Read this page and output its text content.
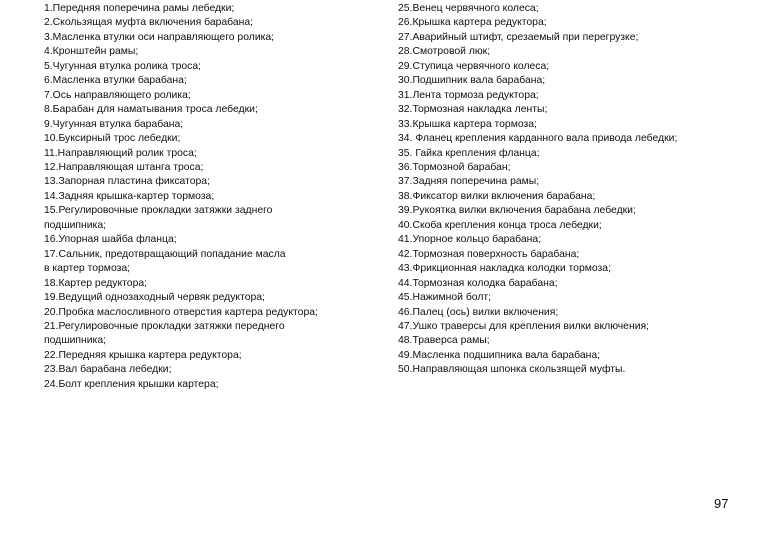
1.Передняя поперечина рамы лебедки;
2.Скользящая муфта включения барабана;
3.Масленка втулки оси направляющего ролика;
4.Кронштейн рамы;
5.Чугунная втулка ролика троса;
6.Масленка втулки барабана;
7.Ось направляющего ролика;
8.Барабан для наматывания троса лебедки;
9.Чугунная втулка барабана;
10.Буксирный трос лебедки;
11.Направляющий ролик троса;
12.Направляющая штанга троса;
13.Запорная пластина фиксатора;
14.Задняя крышка-картер тормоза;
15.Регулировочные прокладки затяжки заднего
подшипника;
16.Упорная шайба фланца;
17.Сальник, предотвращающий попадание масла
в картер тормоза;
18.Картер редуктора;
19.Ведущий однозаходный червяк редуктора;
20.Пробка маслосливного отверстия картера редуктора;
21.Регулировочные прокладки затяжки переднего
подшипника;
22.Передняя крышка картера редуктора;
23.Вал барабана лебедки;
24.Болт крепления крышки картера;
25.Венец червячного колеса;
26.Крышка картера редуктора;
27.Аварийный штифт, срезаемый при перегрузке;
28.Смотровой люк;
29.Ступица червячного колеса;
30.Подшипник вала барабана;
31.Лента тормоза редуктора;
32.Тормозная накладка ленты;
33.Крышка картера тормоза;
34. Фланец крепления карданного вала привода лебедки;
35. Гайка крепления фланца;
36.Тормозной барабан;
37.Задняя поперечина рамы;
38.Фиксатор вилки включения барабана;
39.Рукоятка вилки включения барабана лебедки;
40.Скоба крепления конца троса лебедки;
41.Упорное кольцо барабана;
42.Тормозная поверхность барабана;
43.Фрикционная накладка колодки тормоза;
44.Тормозная колодка барабана;
45.Нажимной болт;
46.Палец (ось) вилки включения;
47.Ушко траверсы для крепления вилки включения;
48.Траверса рамы;
49.Масленка подшипника вала барабана;
50.Направляющая шпонка скользящей муфты.
97
